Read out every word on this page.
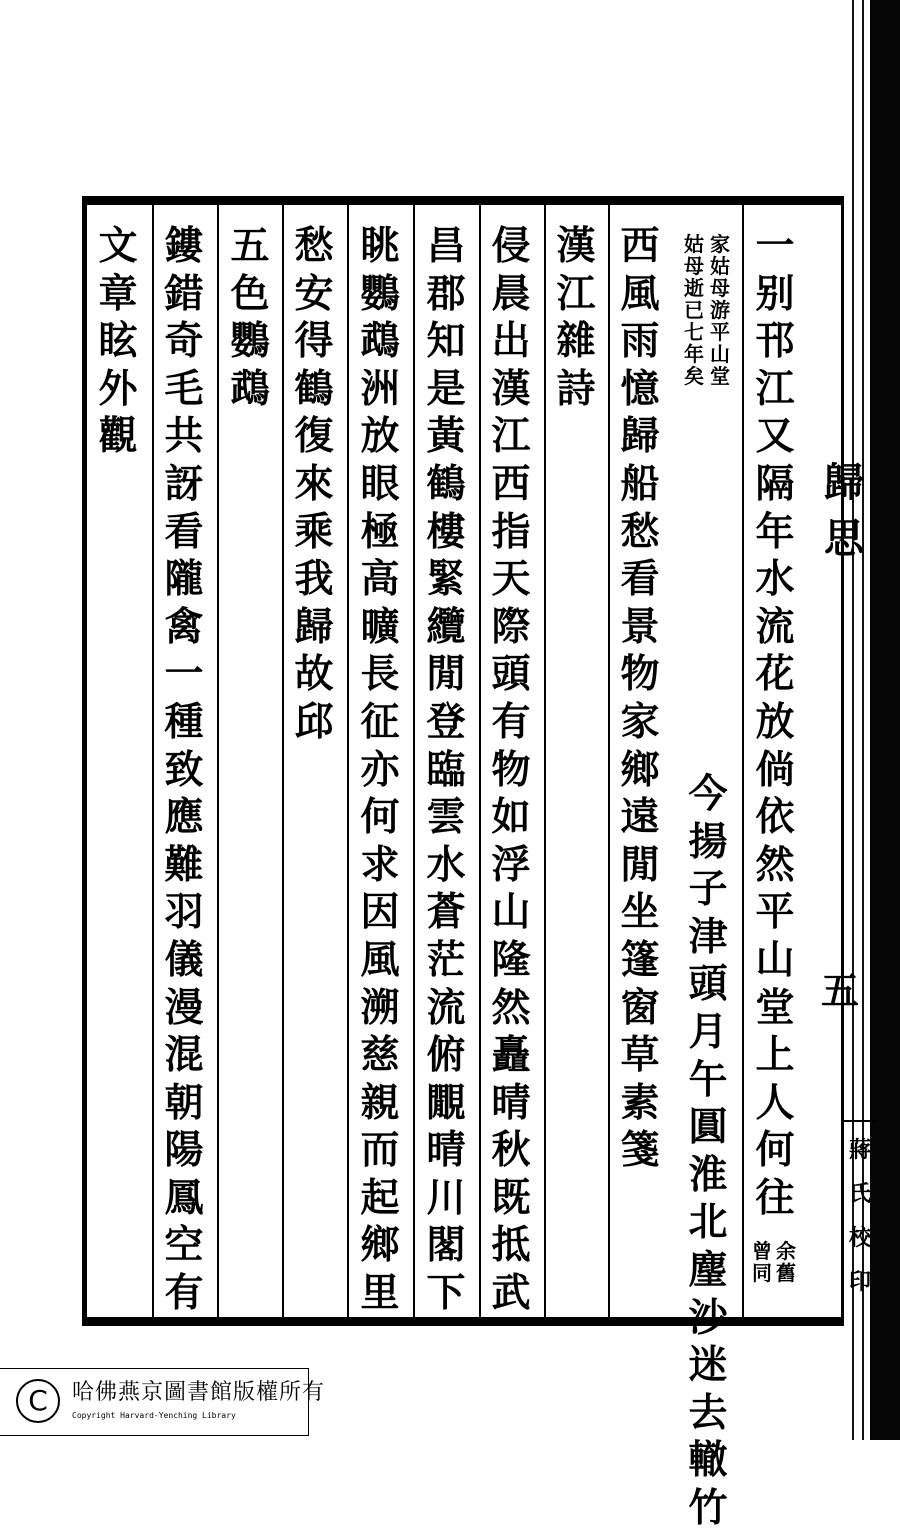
歸
思
五
一
别
邗
江
又
隔
年
水
流
花
放
倘
依
然
平
山
堂
上
人
何
往
家
姑
母
游
平
山
堂
姑
母
逝
已
七
年
矣
今
揚
子
津
頭
月
午
圓
淮
北
麈
沙
迷
去
轍
竹
西
風
雨
憶
歸
船
愁
看
景
物
家
鄉
遠
閒
坐
篷
窗
草
素
箋
漢
江
雜
詩
侵
晨
出
漢
江
西
指
天
際
頭
有
物
如
浮
山
隆
然
矗
晴
秋
既
抵
武
昌
郡
知
是
黃
鶴
樓
緊
纜
閒
登
臨
雲
水
蒼
茫
流
俯
覵
晴
川
閣
下
眺
鸚
鵡
洲
放
眼
極
高
曠
長
征
亦
何
求
因
風
溯
慈
親
而
起
鄉
里
愁
安
得
鶴
復
來
乘
我
歸
故
邱
五
色
鸚
鵡
鏤
錯
奇
毛
共
訝
看
隴
禽
一
種
致
應
難
羽
儀
漫
混
朝
陽
鳳
空
有
文
章
眩
外
觀
余
舊
曾
同
蔣
氏
校
印
C	哈佛燕京圖書館版權所有
Copyright Harvard-Yenching Library
